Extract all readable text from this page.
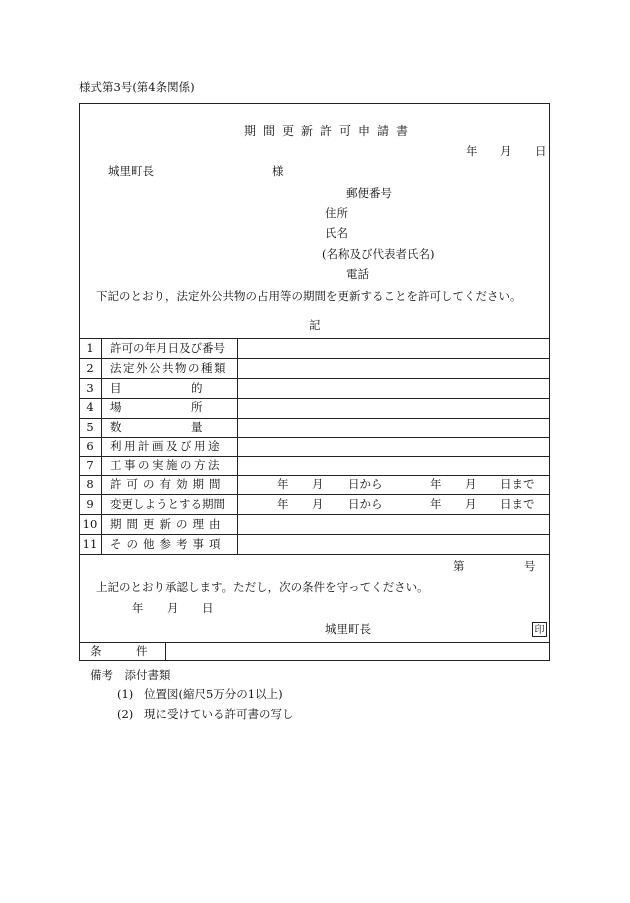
様式第3号(第4条関係)
期間更新許可申請書
年 月 日
城里町長	様
郵便番号
住所
氏名
(名称及び代表者氏名)
電話
下記のとおり，法定外公共物の占用等の期間を更新することを許可してください。
記
1	許可の年月日及び番号
2	法定外公共物の種類
3	目　　　　　的
4	場　　　　　所
5	数　　　　　量
6	利用計画及び用途
7	工事の実施の方法
8	許可の有効期間	年 月 日から	年 月 日まで
9	変更しようとする期間	年 月 日から	年 月 日まで
10	期間更新の理由
11	その他参考事項
第	号
上記のとおり承認します。ただし，次の条件を守ってください。
年 月 日
城里町長	印
条　　　件
備考　添付書類
(1) 位置図(縮尺5万分の1以上)
(2) 現に受けている許可書の写し
